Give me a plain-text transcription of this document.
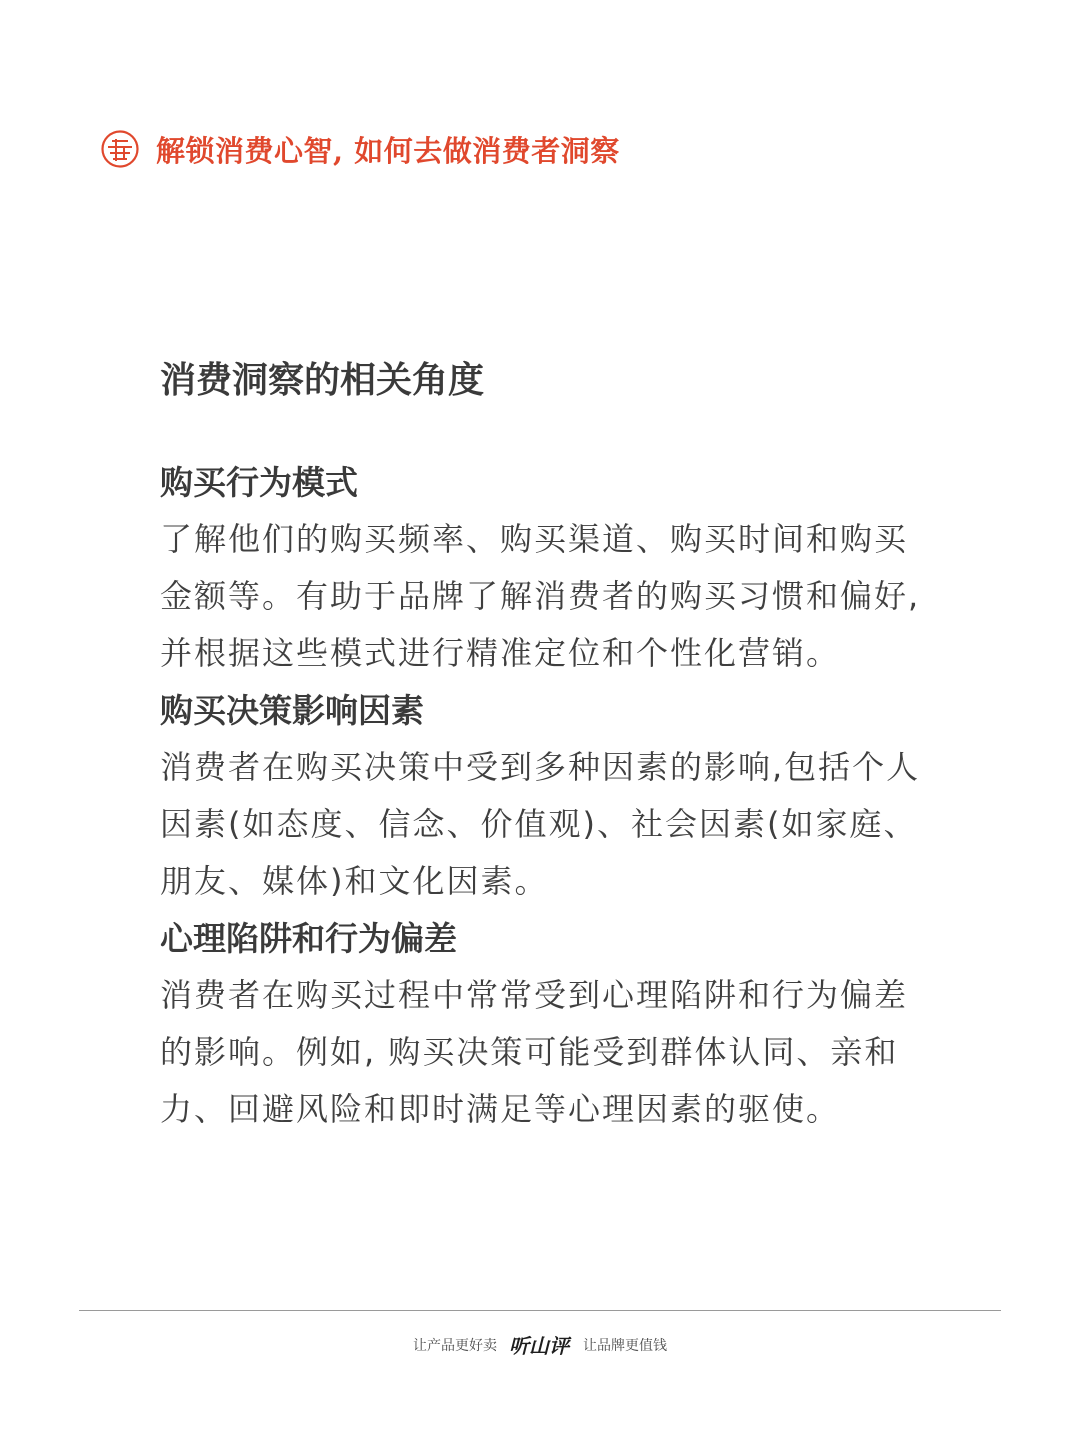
解锁消费心智, 如何去做消费者洞察
消费洞察的相关角度
购买行为模式

了解他们的购买频率、购买渠道、购买时间和购买金额等。有助于品牌了解消费者的购买习惯和偏好,并根据这些模式进行精准定位和个性化营销。

购买决策影响因素

消费者在购买决策中受到多种因素的影响,包括个人因素(如态度、信念、价值观)、社会因素(如家庭、朋友、媒体)和文化因素。

心理陷阱和行为偏差

消费者在购买过程中常常受到心理陷阱和行为偏差的影响。例如, 购买决策可能受到群体认同、亲和力、回避风险和即时满足等心理因素的驱使。

让产品更好卖 听山评 让品牌更值钱
